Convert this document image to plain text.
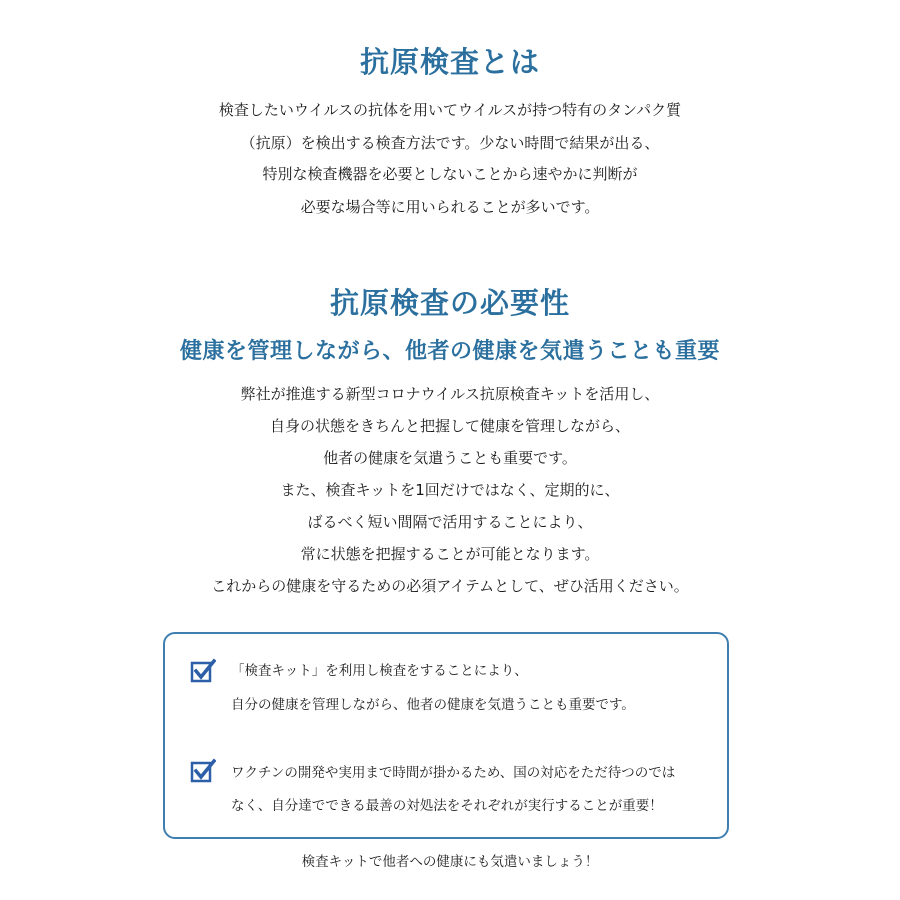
抗原検査とは
検査したいウイルスの抗体を用いてウイルスが持つ特有のタンパク質
（抗原）を検出する検査方法です。少ない時間で結果が出る、
特別な検査機器を必要としないことから速やかに判断が
必要な場合等に用いられることが多いです。
抗原検査の必要性
健康を管理しながら、他者の健康を気遣うことも重要
弊社が推進する新型コロナウイルス抗原検査キットを活用し、
自身の状態をきちんと把握して健康を管理しながら、
他者の健康を気遣うことも重要です。
また、検査キットを1回だけではなく、定期的に、
ばるべく短い間隔で活用することにより、
常に状態を把握することが可能となります。
これからの健康を守るための必須アイテムとして、ぜひ活用ください。
「検査キット」を利用し検査をすることにより、
自分の健康を管理しながら、他者の健康を気遣うことも重要です。
ワクチンの開発や実用まで時間が掛かるため、国の対応をただ待つのでは
なく、自分達でできる最善の対処法をそれぞれが実行することが重要！
検査キットで他者への健康にも気遣いましょう！
